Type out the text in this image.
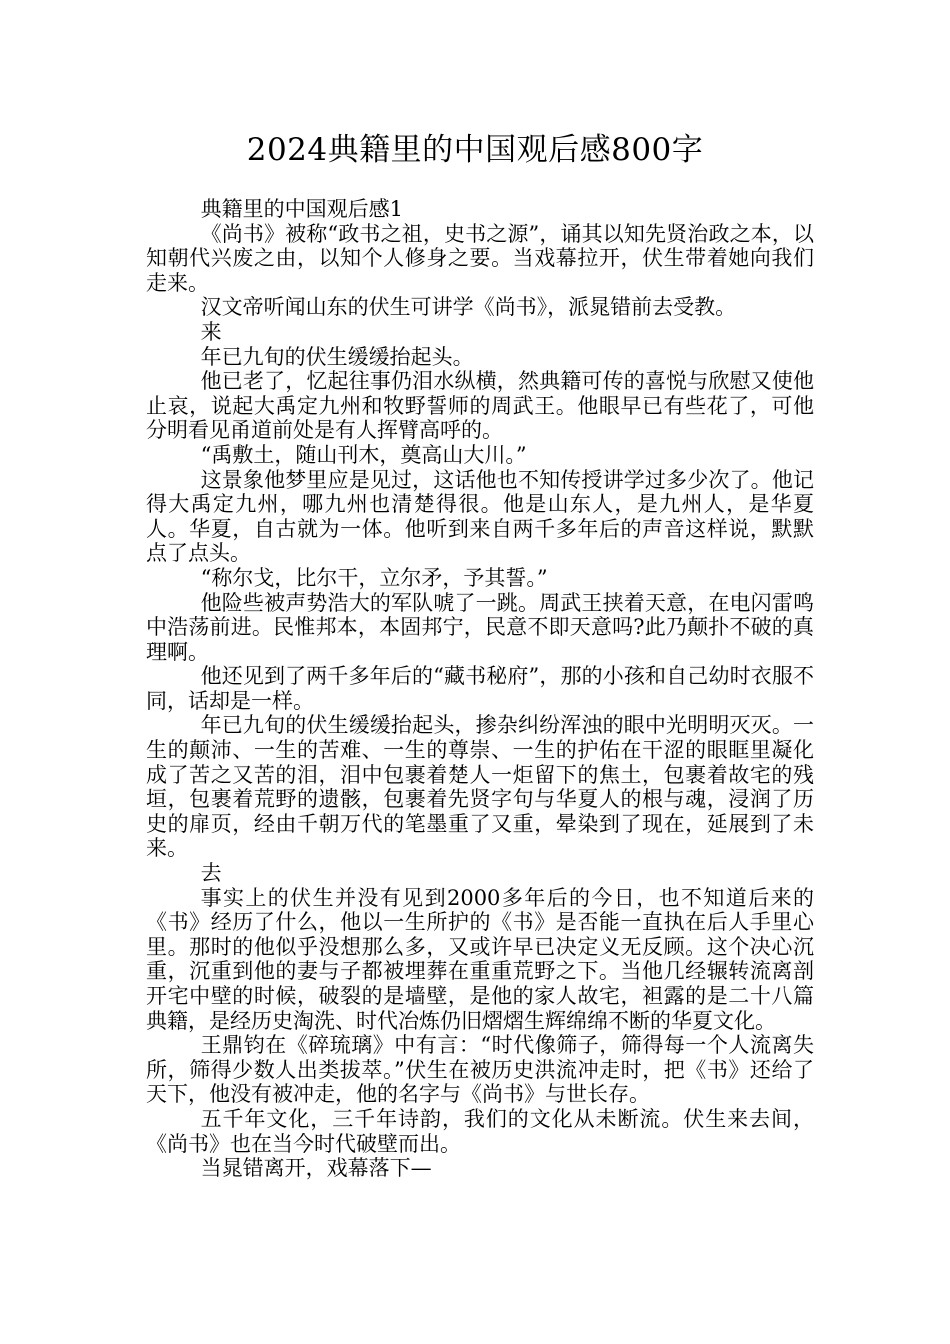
2024典籍里的中国观后感800字

典籍里的中国观后感1

《尚书》被称“政书之祖，史书之源”，诵其以知先贤治政之本，以知朝代兴废之由，以知个人修身之要。当戏幕拉开，伏生带着她向我们走来。

汉文帝听闻山东的伏生可讲学《尚书》，派晁错前去受教。

来

年已九旬的伏生缓缓抬起头。

他已老了，忆起往事仍泪水纵横，然典籍可传的喜悦与欣慰又使他止哀，说起大禹定九州和牧野誓师的周武王。他眼早已有些花了，可他分明看见甬道前处是有人挥臂高呼的。

“禹敷土，随山刊木，奠高山大川。”

这景象他梦里应是见过，这话他也不知传授讲学过多少次了。他记得大禹定九州，哪九州也清楚得很。他是山东人，是九州人，是华夏人。华夏，自古就为一体。他听到来自两千多年后的声音这样说，默默点了点头。

“称尔戈，比尔干，立尔矛，予其誓。”

他险些被声势浩大的军队唬了一跳。周武王挟着天意，在电闪雷鸣中浩荡前进。民惟邦本，本固邦宁，民意不即天意吗?此乃颠扑不破的真理啊。

他还见到了两千多年后的“藏书秘府”，那的小孩和自己幼时衣服不同，话却是一样。

年已九旬的伏生缓缓抬起头，掺杂纠纷浑浊的眼中光明明灭灭。一生的颠沛、一生的苦难、一生的尊崇、一生的护佑在干涩的眼眶里凝化成了苦之又苦的泪，泪中包裹着楚人一炬留下的焦土，包裹着故宅的残垣，包裹着荒野的遗骸，包裹着先贤字句与华夏人的根与魂，浸润了历史的扉页，经由千朝万代的笔墨重了又重，晕染到了现在，延展到了未来。

去

事实上的伏生并没有见到2000多年后的今日，也不知道后来的《书》经历了什么，他以一生所护的《书》是否能一直执在后人手里心里。那时的他似乎没想那么多，又或许早已决定义无反顾。这个决心沉重，沉重到他的妻与子都被埋葬在重重荒野之下。当他几经辗转流离剖开宅中壁的时候，破裂的是墙壁，是他的家人故宅，袒露的是二十八篇典籍，是经历史淘洗、时代冶炼仍旧熠熠生辉绵绵不断的华夏文化。

王鼎钧在《碎琉璃》中有言：“时代像筛子，筛得每一个人流离失所，筛得少数人出类拔萃。”伏生在被历史洪流冲走时，把《书》还给了天下，他没有被冲走，他的名字与《尚书》与世长存。

五千年文化，三千年诗韵，我们的文化从未断流。伏生来去间，《尚书》也在当今时代破壁而出。

当晁错离开，戏幕落下—
